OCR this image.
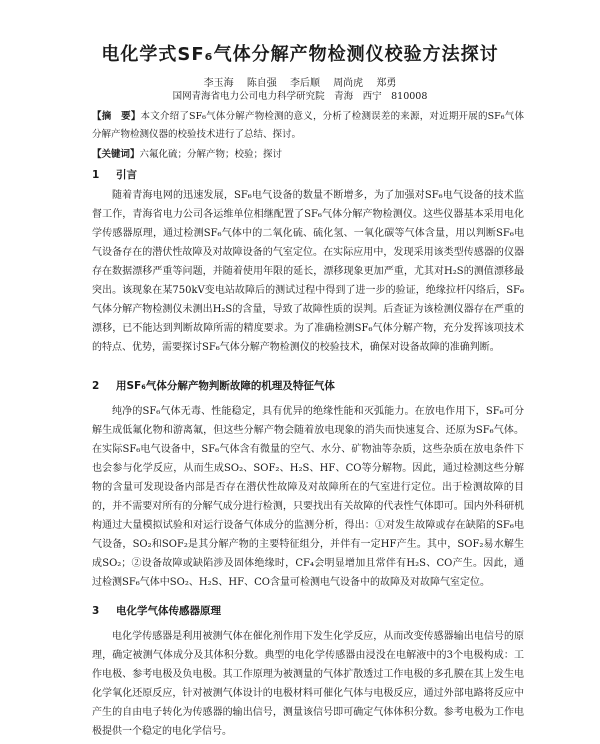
电化学式SF₆气体分解产物检测仪校验方法探讨
李玉海 陈自强 李后顺 周尚虎 郑勇
国网青海省电力公司电力科学研究院　青海　西宁　810008

【摘　要】本文介绍了SF₆气体分解产物检测的意义，分析了检测误差的来源，对近期开展的SF₆气体分解产物检测仪器的校验技术进行了总结、探讨。

【关键词】六氟化硫；分解产物；校验；探讨

1 引言

随着青海电网的迅速发展，SF₆电气设备的数量不断增多，为了加强对SF₆电气设备的技术监督工作，青海省电力公司各运维单位相继配置了SF₆气体分解产物检测仪。这些仪器基本采用电化学传感器原理，通过检测SF₆气体中的二氧化硫、硫化氢、一氧化碳等气体含量，用以判断SF₆电气设备存在的潜伏性故障及对故障设备的气室定位。在实际应用中，发现采用该类型传感器的仪器存在数据漂移严重等问题，并随着使用年限的延长，漂移现象更加严重，尤其对H₂S的测值漂移最突出。该现象在某750kV变电站故障后的测试过程中得到了进一步的验证，绝缘拉杆闪络后，SF₆气体分解产物检测仪未测出H₂S的含量，导致了故障性质的误判。后查证为该检测仪器存在严重的漂移，已不能达到判断故障所需的精度要求。为了准确检测SF₆气体分解产物，充分发挥该项技术的特点、优势，需要探讨SF₆气体分解产物检测仪的校验技术，确保对设备故障的准确判断。

2 用SF₆气体分解产物判断故障的机理及特征气体

纯净的SF₆气体无毒、性能稳定，具有优异的绝缘性能和灭弧能力。在放电作用下，SF₆可分解生成低氟化物和游离氟，但这些分解产物会随着放电现象的消失而快速复合、还原为SF₆气体。在实际SF₆电气设备中，SF₆气体含有微量的空气、水分、矿物油等杂质，这些杂质在放电条件下也会参与化学反应，从而生成SO₂、SOF₂、H₂S、HF、CO等分解物。因此，通过检测这些分解物的含量可发现设备内部是否存在潜伏性故障及对故障所在的气室进行定位。出于检测故障的目的，并不需要对所有的分解气成分进行检测，只要找出有关故障的代表性气体即可。国内外科研机构通过大量模拟试验和对运行设备气体成分的监测分析，得出：①对发生故障或存在缺陷的SF₆电气设备，SO₂和SOF₂是其分解产物的主要特征组分，并伴有一定HF产生。其中，SOF₂易水解生成SO₂；②设备故障或缺陷涉及固体绝缘时，CF₄会明显增加且常伴有H₂S、CO产生。因此，通过检测SF₆气体中SO₂、H₂S、HF、CO含量可检测电气设备中的故障及对故障气室定位。

3 电化学气体传感器原理

电化学传感器是利用被测气体在催化剂作用下发生化学反应，从而改变传感器输出电信号的原理，确定被测气体成分及其体积分数。典型的电化学传感器由浸没在电解液中的3个电极构成：工作电极、参考电极及负电极。其工作原理为被测量的气体扩散透过工作电极的多孔膜在其上发生电化学氧化还原反应，针对被测气体设计的电极材料可催化气体与电极反应，通过外部电路将反应中产生的自由电子转化为传感器的输出信号，测量该信号即可确定气体体积分数。参考电极为工作电极提供一个稳定的电化学信号。
